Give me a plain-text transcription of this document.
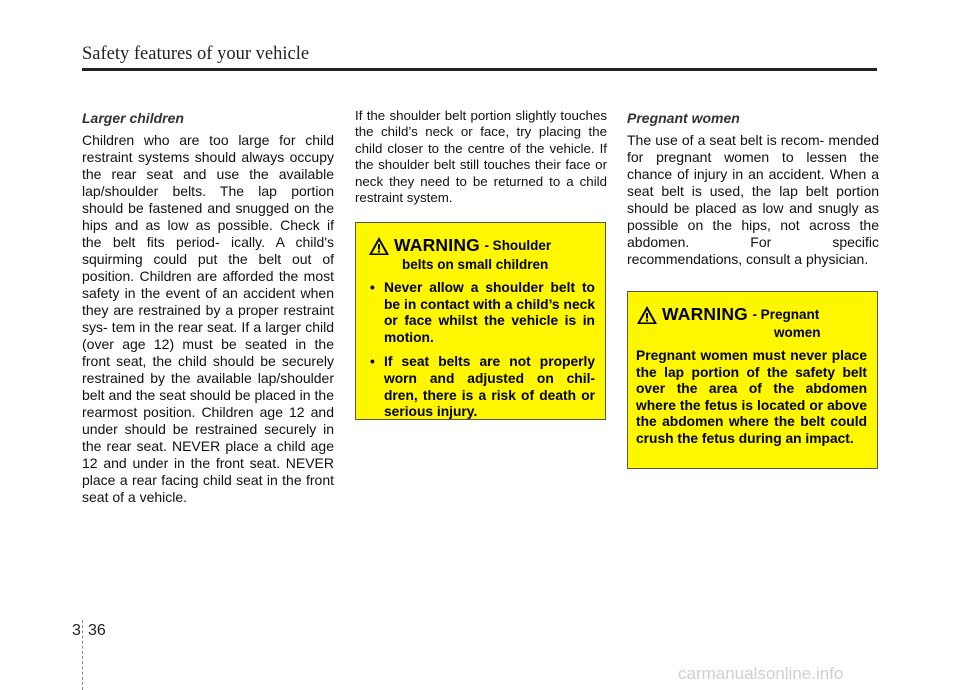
Safety features of your vehicle
Larger children

Children who are too large for child restraint systems should always occupy the rear seat and use the available lap/shoulder belts. The lap portion should be fastened and snugged on the hips and as low as possible. Check if the belt fits period- ically. A child's squirming could put the belt out of position. Children are afforded the most safety in the event of an accident when they are restrained by a proper restraint sys- tem in the rear seat. If a larger child (over age 12) must be seated in the front seat, the child should be securely restrained by the available lap/shoulder belt and the seat should be placed in the rearmost position. Children age 12 and under should be restrained securely in the rear seat. NEVER place a child age 12 and under in the front seat. NEVER place a rear facing child seat in the front seat of a vehicle.

If the shoulder belt portion slightly touches the child’s neck or face, try placing the child closer to the centre of the vehicle. If the shoulder belt still touches their face or neck they need to be returned to a child restraint system.

WARNING
- Shoulder
belts on small children
• Never allow a shoulder belt to be in contact with a child’s neck or face whilst the vehicle is in motion.
• If seat belts are not properly worn and adjusted on chil- dren, there is a risk of death or serious injury.
Pregnant women

The use of a seat belt is recom- mended for pregnant women to lessen the chance of injury in an accident. When a seat belt is used, the lap belt portion should be placed as low and snugly as possible on the hips, not across the abdomen. For specific recommendations, consult a physician.

WARNING
- Pregnant
women
Pregnant women must never place the lap portion of the safety belt over the area of the abdomen where the fetus is located or above the abdomen where the belt could crush the fetus during an impact.
3 36
carmanualsonline.info
